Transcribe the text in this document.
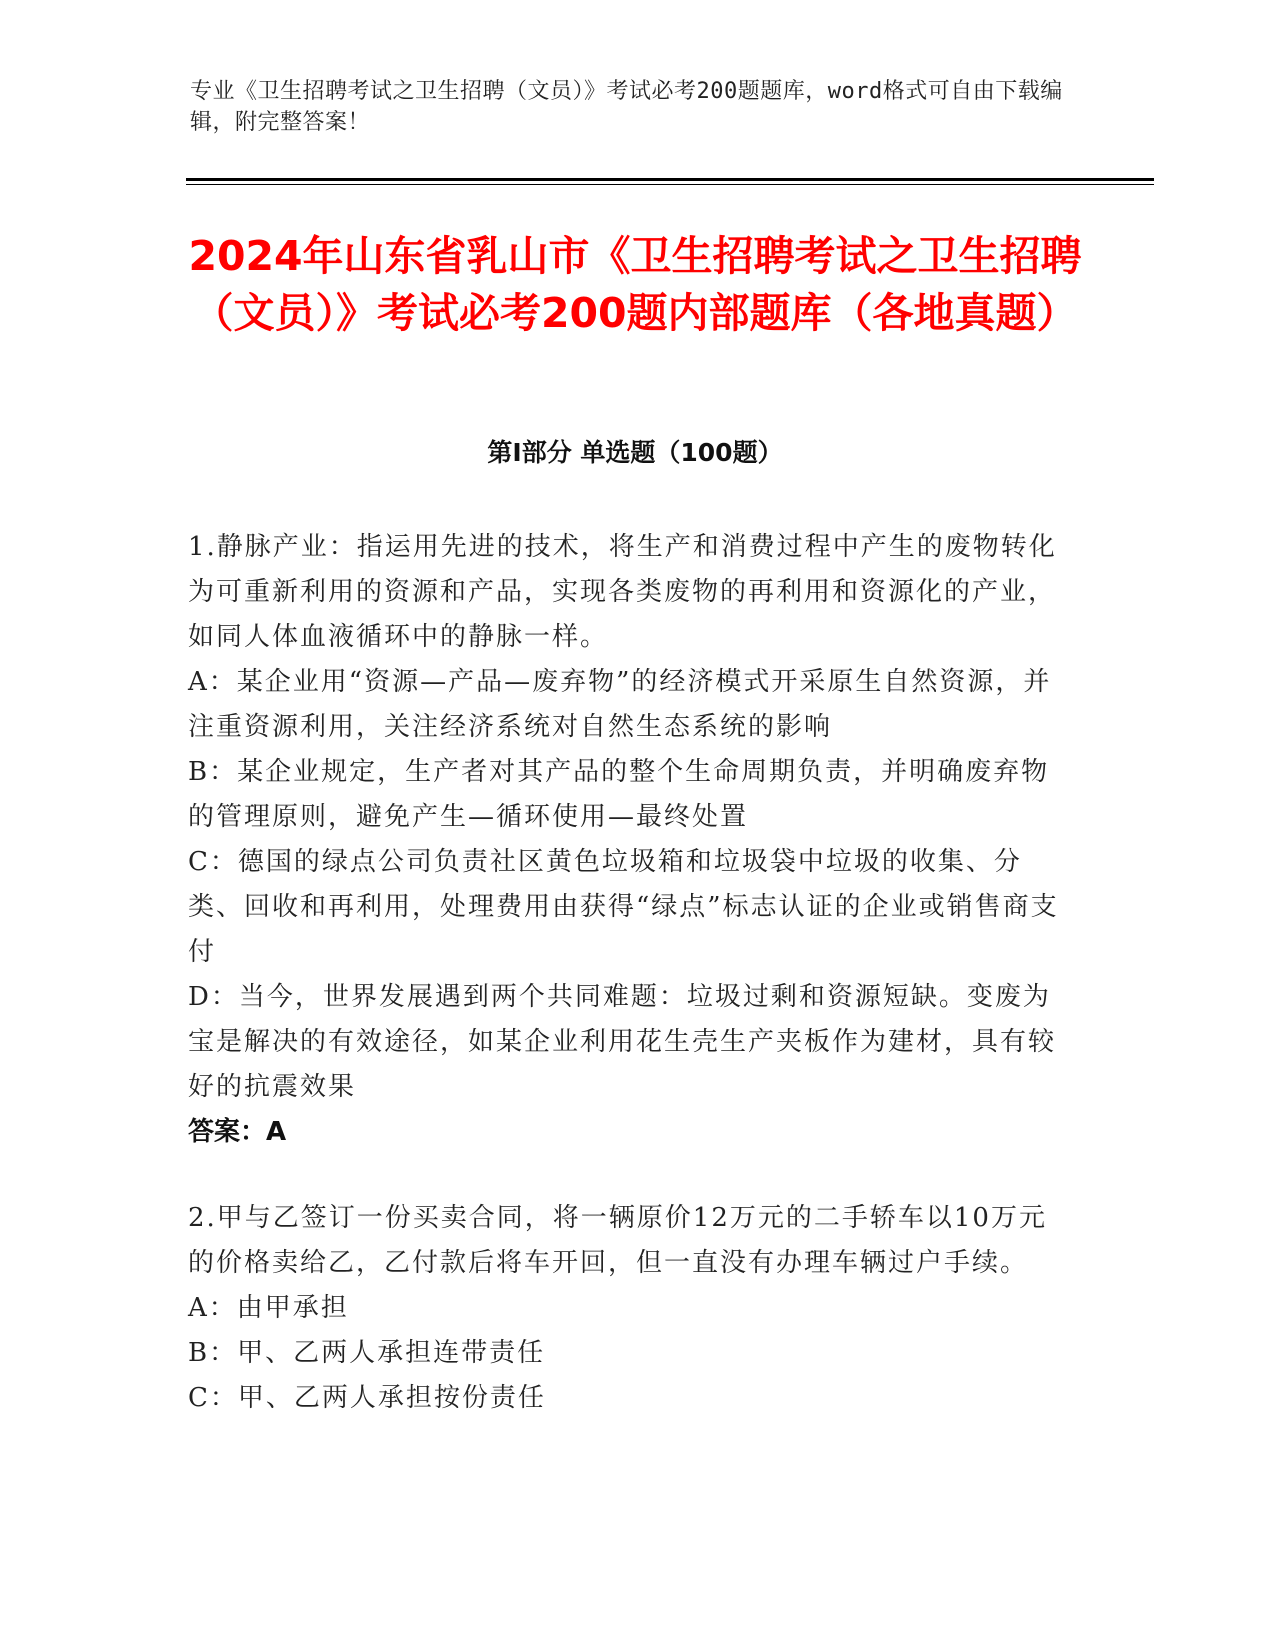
专业《卫生招聘考试之卫生招聘（文员）》考试必考200题题库，word格式可自由下载编辑，附完整答案！
2024年山东省乳山市《卫生招聘考试之卫生招聘（文员）》考试必考200题内部题库（各地真题）
第Ⅰ部分 单选题（100题）
1.静脉产业：指运用先进的技术，将生产和消费过程中产生的废物转化为可重新利用的资源和产品，实现各类废物的再利用和资源化的产业，如同人体血液循环中的静脉一样。
A：某企业用“资源—产品—废弃物”的经济模式开采原生自然资源，并注重资源利用，关注经济系统对自然生态系统的影响
B：某企业规定，生产者对其产品的整个生命周期负责，并明确废弃物的管理原则，避免产生—循环使用—最终处置
C：德国的绿点公司负责社区黄色垃圾箱和垃圾袋中垃圾的收集、分类、回收和再利用，处理费用由获得“绿点”标志认证的企业或销售商支付
D：当今，世界发展遇到两个共同难题：垃圾过剩和资源短缺。变废为宝是解决的有效途径，如某企业利用花生壳生产夹板作为建材，具有较好的抗震效果
答案：A
2.甲与乙签订一份买卖合同，将一辆原价12万元的二手轿车以10万元的价格卖给乙，乙付款后将车开回，但一直没有办理车辆过户手续。
A：由甲承担
B：甲、乙两人承担连带责任
C：甲、乙两人承担按份责任
